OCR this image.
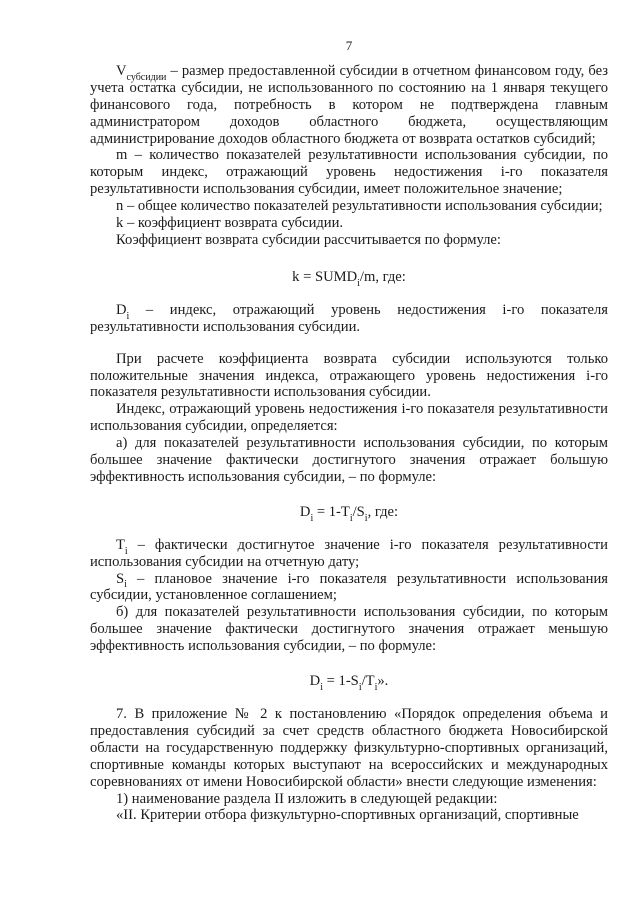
7

$V_{субсидии}$ – размер предоставленной субсидии в отчетном финансовом году, без учета остатка субсидии, не использованного по состоянию на 1 января текущего финансового года, потребность в котором не подтверждена главным администратором доходов областного бюджета, осуществляющим администрирование доходов областного бюджета от возврата остатков субсидий;

m – количество показателей результативности использования субсидии, по которым индекс, отражающий уровень недостижения i-го показателя результативности использования субсидии, имеет положительное значение;

n – общее количество показателей результативности использования субсидии;

k – коэффициент возврата субсидии.

Коэффициент возврата субсидии рассчитывается по формуле:

$k = SUMD_i/m$, где:

$D_i$ – индекс, отражающий уровень недостижения i-го показателя результативности использования субсидии.

При расчете коэффициента возврата субсидии используются только положительные значения индекса, отражающего уровень недостижения i-го показателя результативности использования субсидии.

Индекс, отражающий уровень недостижения i-го показателя результативности использования субсидии, определяется:

а) для показателей результативности использования субсидии, по которым большее значение фактически достигнутого значения отражает большую эффективность использования субсидии, – по формуле:

$D_i = 1-T_i/S_i$, где:

$T_i$ – фактически достигнутое значение i-го показателя результативности использования субсидии на отчетную дату;

$S_i$ – плановое значение i-го показателя результативности использования субсидии, установленное соглашением;

б) для показателей результативности использования субсидии, по которым большее значение фактически достигнутого значения отражает меньшую эффективность использования субсидии, – по формуле:

$D_i = 1-S_i/T_i$».

7. В приложение № 2 к постановлению «Порядок определения объема и предоставления субсидий за счет средств областного бюджета Новосибирской области на государственную поддержку физкультурно-спортивных организаций, спортивные команды которых выступают на всероссийских и международных соревнованиях от имени Новосибирской области» внести следующие изменения:

1) наименование раздела II изложить в следующей редакции:

«II. Критерии отбора физкультурно-спортивных организаций, спортивные
